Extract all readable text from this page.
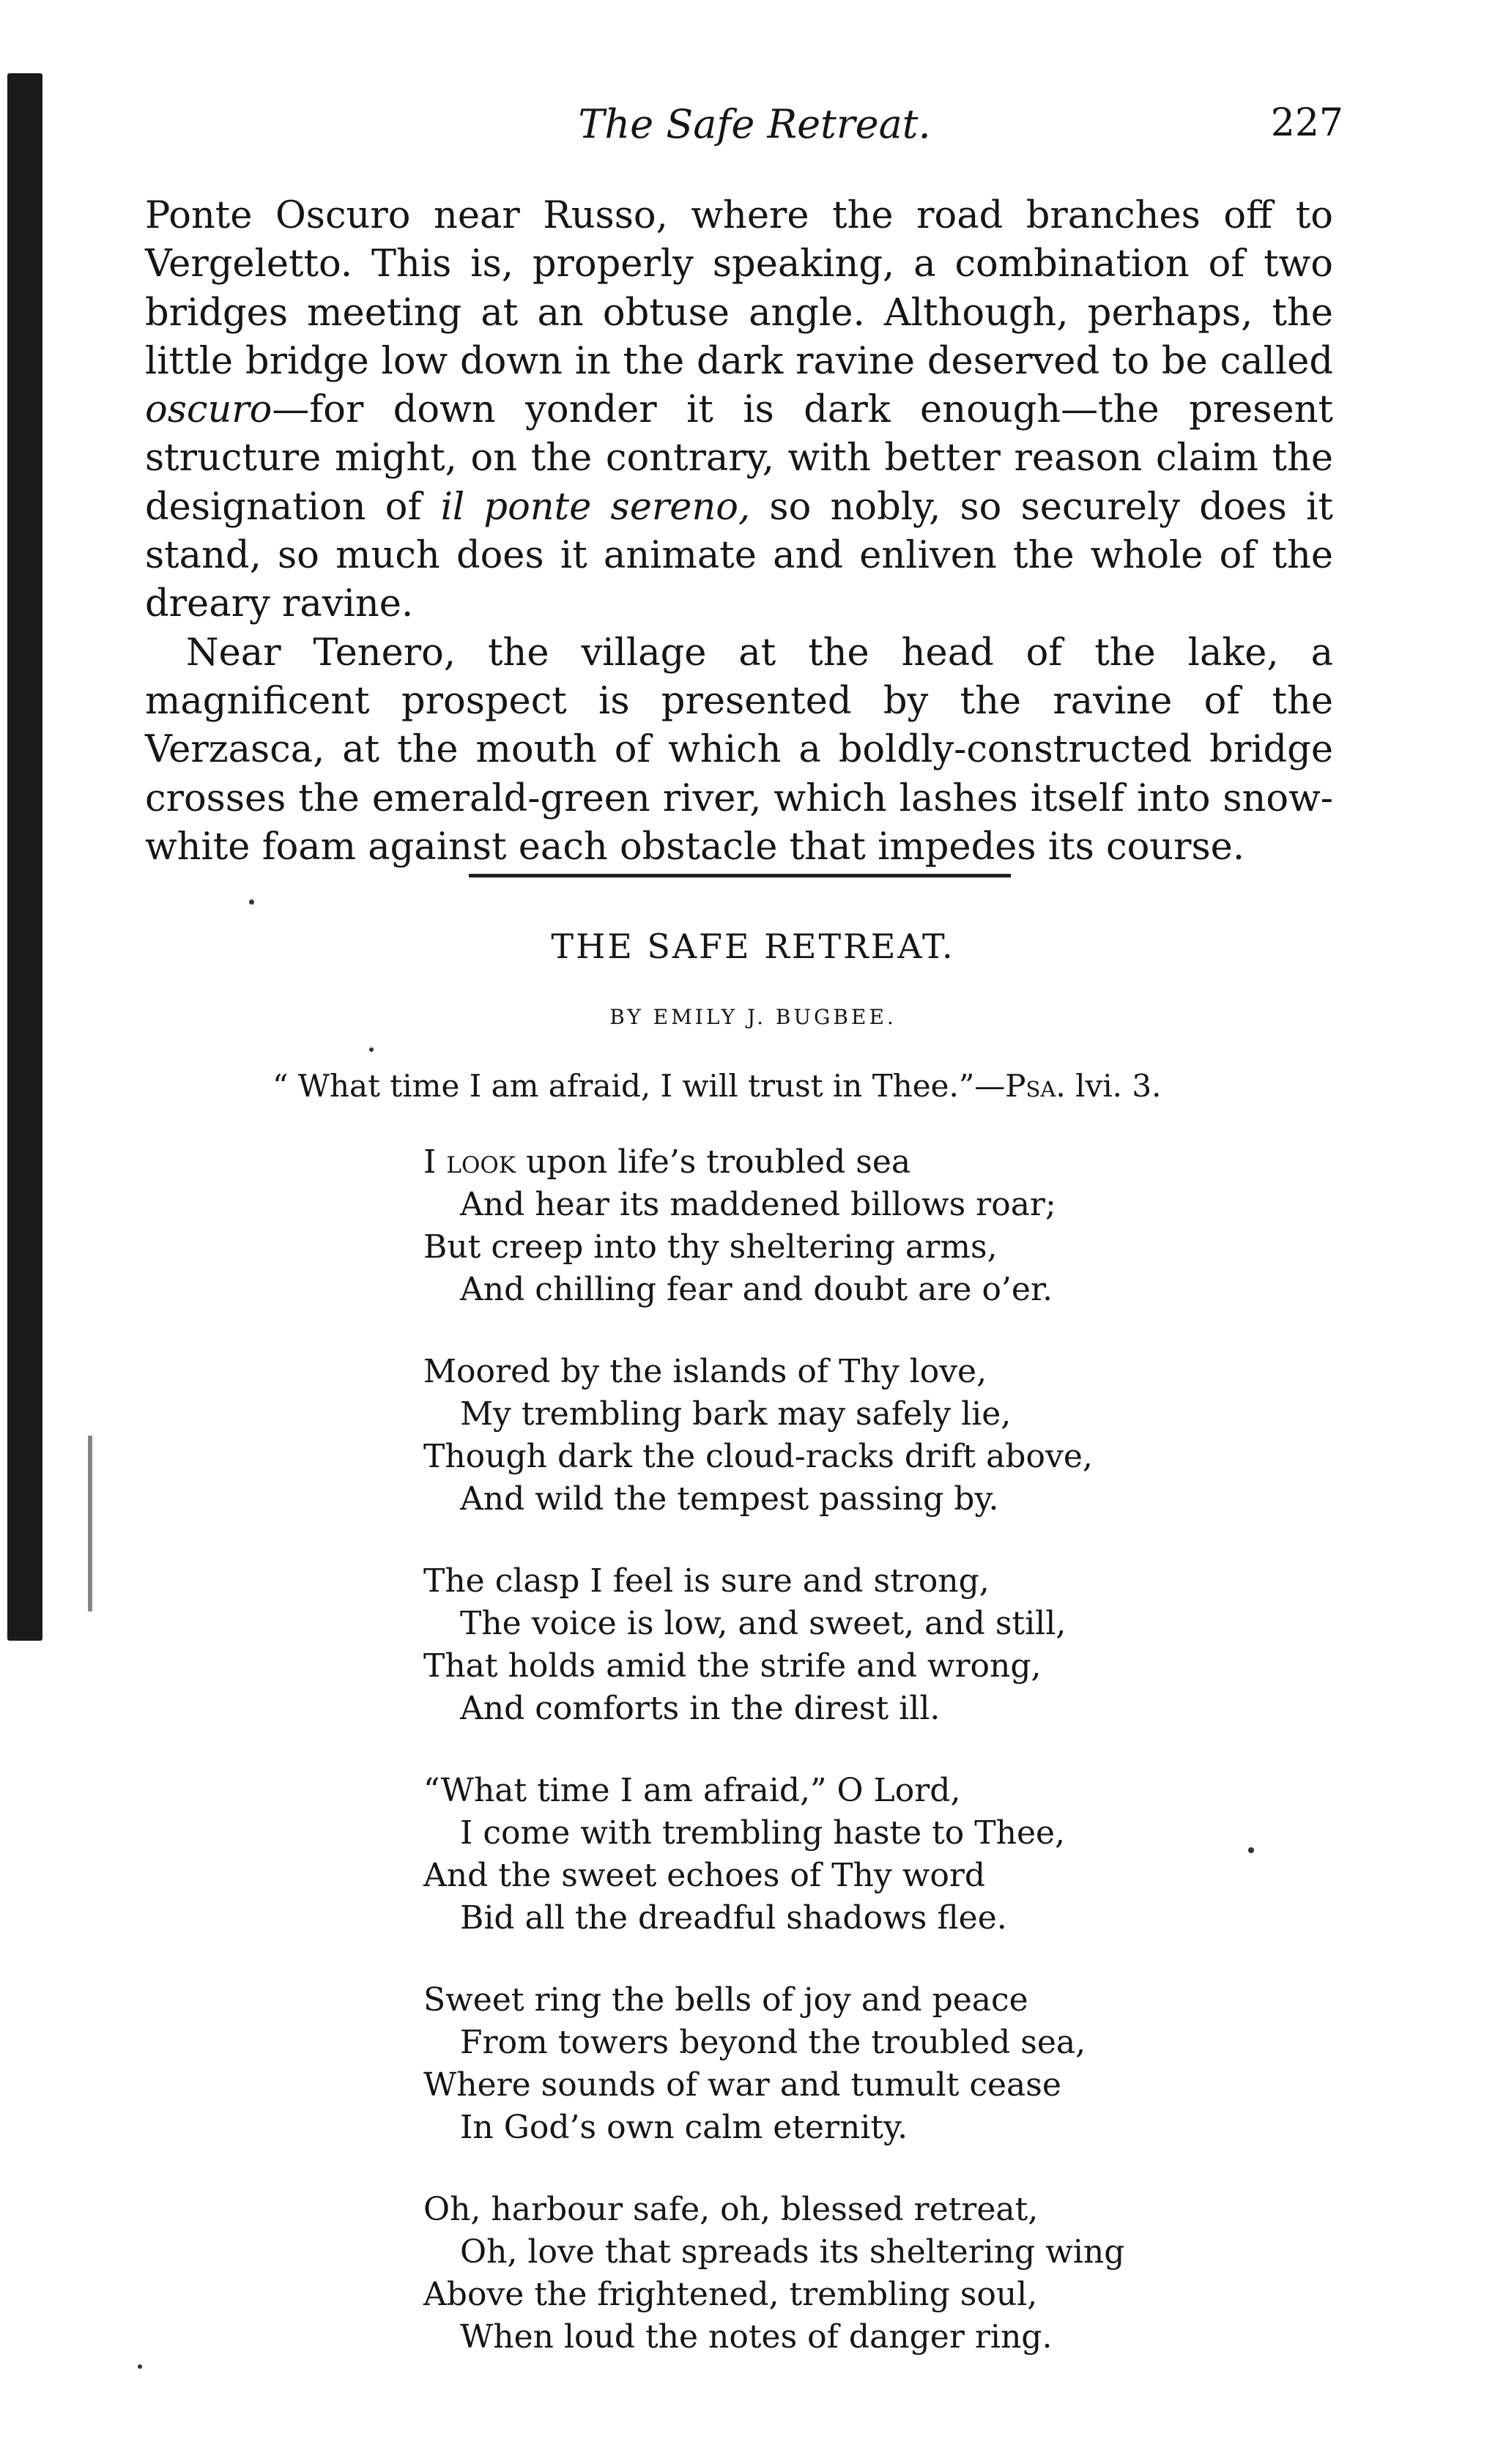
The Safe Retreat.	227

Ponte Oscuro near Russo, where the road branches off to Vergeletto. This is, properly speaking, a combination of two bridges meeting at an obtuse angle. Although, perhaps, the little bridge low down in the dark ravine deserved to be called oscuro—for down yonder it is dark enough—the present structure might, on the contrary, with better reason claim the designation of il ponte sereno, so nobly, so securely does it stand, so much does it animate and enliven the whole of the dreary ravine.

Near Tenero, the village at the head of the lake, a magnificent prospect is presented by the ravine of the Verzasca, at the mouth of which a boldly-constructed bridge crosses the emerald-green river, which lashes itself into snow-white foam against each obstacle that impedes its course.

THE SAFE RETREAT.
BY EMILY J. BUGBEE.
“ What time I am afraid, I will trust in Thee.”—Psa. lvi. 3.
I look upon life’s troubled sea
And hear its maddened billows roar;
But creep into thy sheltering arms,
And chilling fear and doubt are o’er.
Moored by the islands of Thy love,
My trembling bark may safely lie,
Though dark the cloud-racks drift above,
And wild the tempest passing by.
The clasp I feel is sure and strong,
The voice is low, and sweet, and still,
That holds amid the strife and wrong,
And comforts in the direst ill.
“What time I am afraid,” O Lord,
I come with trembling haste to Thee,
And the sweet echoes of Thy word
Bid all the dreadful shadows flee.
Sweet ring the bells of joy and peace
From towers beyond the troubled sea,
Where sounds of war and tumult cease
In God’s own calm eternity.
Oh, harbour safe, oh, blessed retreat,
Oh, love that spreads its sheltering wing
Above the frightened, trembling soul,
When loud the notes of danger ring.
